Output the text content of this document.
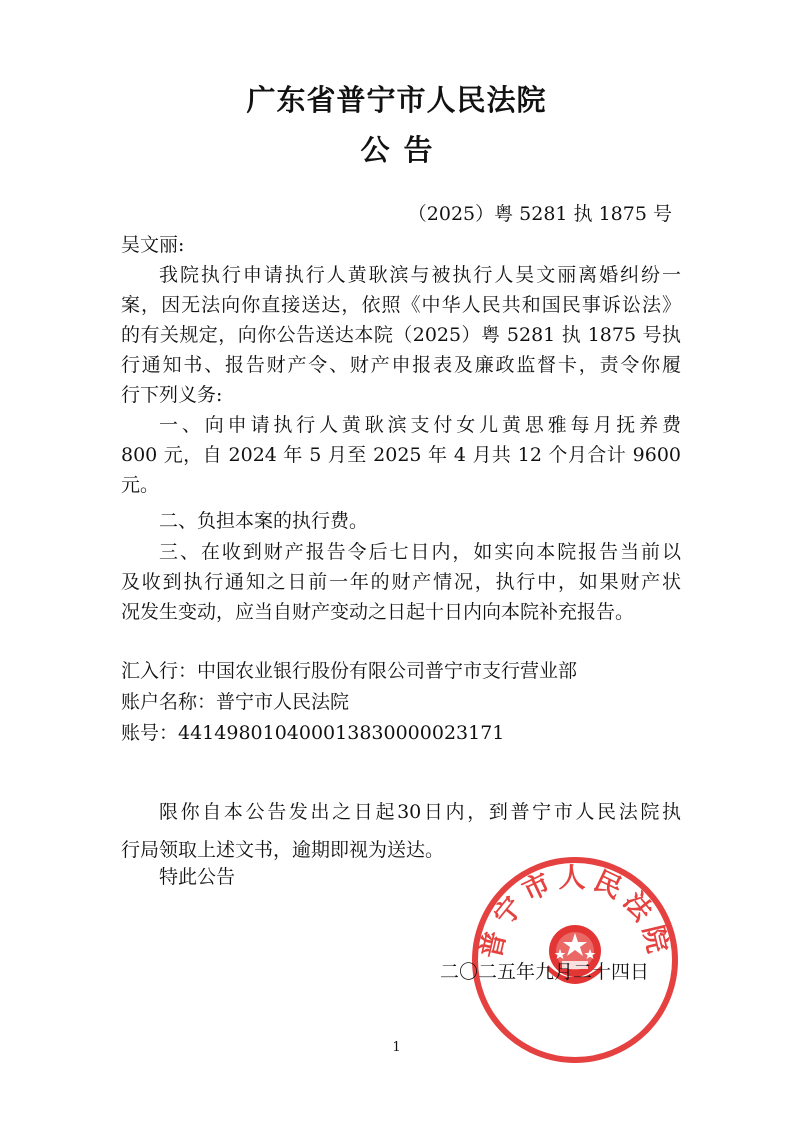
广东省普宁市人民法院
公告
（2025）粤 5281 执 1875 号
吴文丽:
我院执行申请执行人黄耿滨与被执行人吴文丽离婚纠纷一
案，因无法向你直接送达，依照《中华人民共和国民事诉讼法》
的有关规定，向你公告送达本院（2025）粤 5281 执 1875 号执
行通知书、报告财产令、财产申报表及廉政监督卡，责令你履
行下列义务:
一、向申请执行人黄耿滨支付女儿黄思雅每月抚养费
800 元，自 2024 年 5 月至 2025 年 4 月共 12 个月合计 9600
元。
二、负担本案的执行费。
三、在收到财产报告令后七日内，如实向本院报告当前以
及收到执行通知之日前一年的财产情况，执行中，如果财产状
况发生变动，应当自财产变动之日起十日内向本院补充报告。
汇入行：中国农业银行股份有限公司普宁市支行营业部
账户名称：普宁市人民法院
账号：44149801040001383000002317​1
限你自本公告发出之日起30日内，到普宁市人民法院执
行局领取上述文书，逾期即视为送达。
特此公告
普宁市人民法院
二〇二五年九月二十四日
1
